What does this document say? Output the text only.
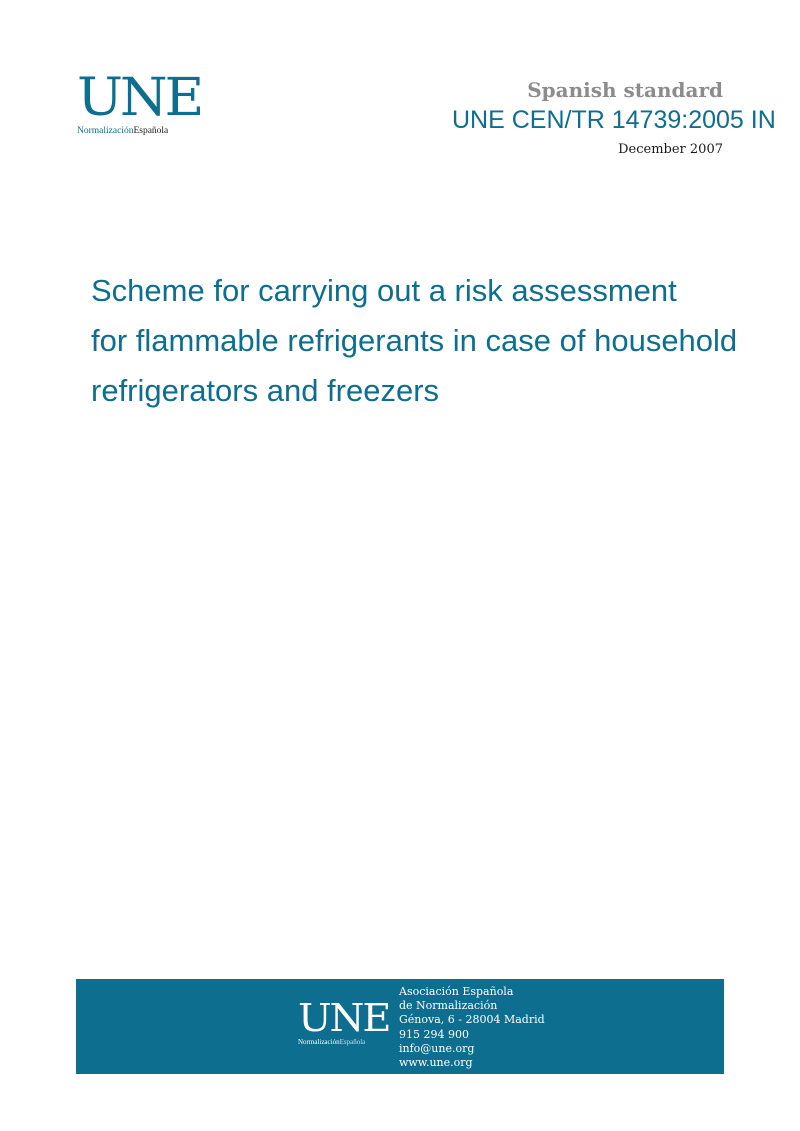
UNE
NormalizaciónEspañola
Spanish standard
UNE CEN/TR 14739:2005 IN
December 2007
Scheme for carrying out a risk assessment
for flammable refrigerants in case of household
refrigerators and freezers
UNE
NormalizaciónEspañola
Asociación Española
de Normalización
Génova, 6 - 28004 Madrid
915 294 900
info@une.org
www.une.org
